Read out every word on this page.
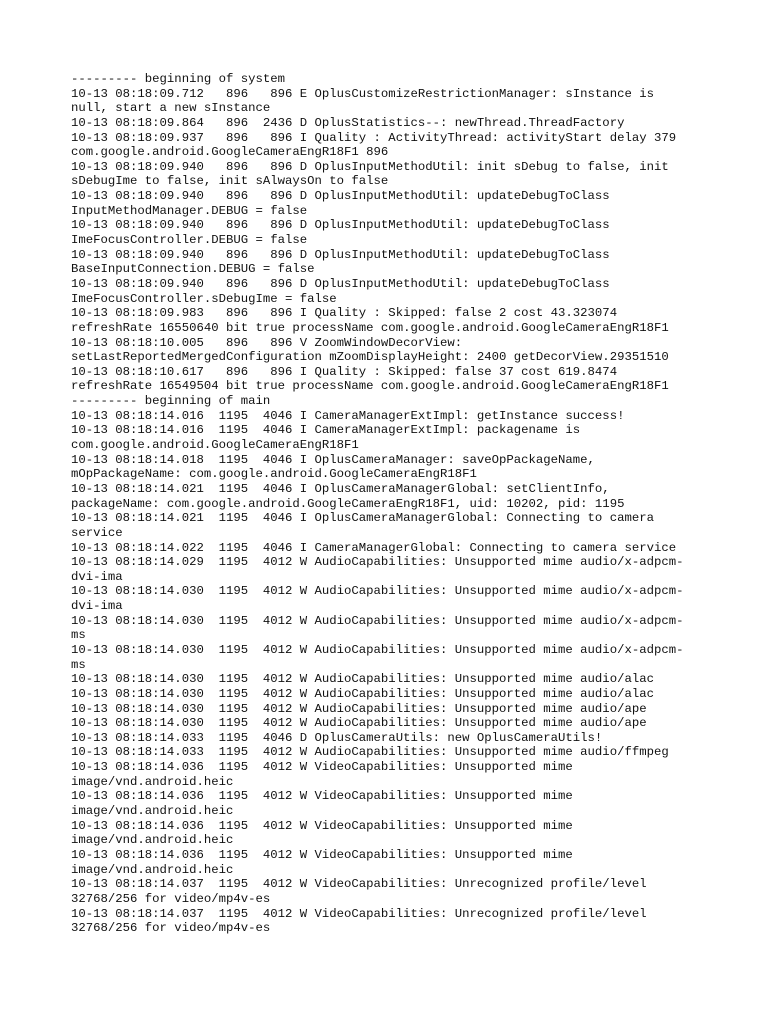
--------- beginning of system
10-13 08:18:09.712   896   896 E OplusCustomizeRestrictionManager: sInstance is
null, start a new sInstance
10-13 08:18:09.864   896  2436 D OplusStatistics--: newThread.ThreadFactory
10-13 08:18:09.937   896   896 I Quality : ActivityThread: activityStart delay 379
com.google.android.GoogleCameraEngR18F1 896
10-13 08:18:09.940   896   896 D OplusInputMethodUtil: init sDebug to false, init
sDebugIme to false, init sAlwaysOn to false
10-13 08:18:09.940   896   896 D OplusInputMethodUtil: updateDebugToClass
InputMethodManager.DEBUG = false
10-13 08:18:09.940   896   896 D OplusInputMethodUtil: updateDebugToClass
ImeFocusController.DEBUG = false
10-13 08:18:09.940   896   896 D OplusInputMethodUtil: updateDebugToClass
BaseInputConnection.DEBUG = false
10-13 08:18:09.940   896   896 D OplusInputMethodUtil: updateDebugToClass
ImeFocusController.sDebugIme = false
10-13 08:18:09.983   896   896 I Quality : Skipped: false 2 cost 43.323074
refreshRate 16550640 bit true processName com.google.android.GoogleCameraEngR18F1
10-13 08:18:10.005   896   896 V ZoomWindowDecorView:
setLastReportedMergedConfiguration mZoomDisplayHeight: 2400 getDecorView.29351510
10-13 08:18:10.617   896   896 I Quality : Skipped: false 37 cost 619.8474
refreshRate 16549504 bit true processName com.google.android.GoogleCameraEngR18F1
--------- beginning of main
10-13 08:18:14.016  1195  4046 I CameraManagerExtImpl: getInstance success!
10-13 08:18:14.016  1195  4046 I CameraManagerExtImpl: packagename is
com.google.android.GoogleCameraEngR18F1
10-13 08:18:14.018  1195  4046 I OplusCameraManager: saveOpPackageName,
mOpPackageName: com.google.android.GoogleCameraEngR18F1
10-13 08:18:14.021  1195  4046 I OplusCameraManagerGlobal: setClientInfo,
packageName: com.google.android.GoogleCameraEngR18F1, uid: 10202, pid: 1195
10-13 08:18:14.021  1195  4046 I OplusCameraManagerGlobal: Connecting to camera
service
10-13 08:18:14.022  1195  4046 I CameraManagerGlobal: Connecting to camera service
10-13 08:18:14.029  1195  4012 W AudioCapabilities: Unsupported mime audio/x-adpcm-
dvi-ima
10-13 08:18:14.030  1195  4012 W AudioCapabilities: Unsupported mime audio/x-adpcm-
dvi-ima
10-13 08:18:14.030  1195  4012 W AudioCapabilities: Unsupported mime audio/x-adpcm-
ms
10-13 08:18:14.030  1195  4012 W AudioCapabilities: Unsupported mime audio/x-adpcm-
ms
10-13 08:18:14.030  1195  4012 W AudioCapabilities: Unsupported mime audio/alac
10-13 08:18:14.030  1195  4012 W AudioCapabilities: Unsupported mime audio/alac
10-13 08:18:14.030  1195  4012 W AudioCapabilities: Unsupported mime audio/ape
10-13 08:18:14.030  1195  4012 W AudioCapabilities: Unsupported mime audio/ape
10-13 08:18:14.033  1195  4046 D OplusCameraUtils: new OplusCameraUtils!
10-13 08:18:14.033  1195  4012 W AudioCapabilities: Unsupported mime audio/ffmpeg
10-13 08:18:14.036  1195  4012 W VideoCapabilities: Unsupported mime
image/vnd.android.heic
10-13 08:18:14.036  1195  4012 W VideoCapabilities: Unsupported mime
image/vnd.android.heic
10-13 08:18:14.036  1195  4012 W VideoCapabilities: Unsupported mime
image/vnd.android.heic
10-13 08:18:14.036  1195  4012 W VideoCapabilities: Unsupported mime
image/vnd.android.heic
10-13 08:18:14.037  1195  4012 W VideoCapabilities: Unrecognized profile/level
32768/256 for video/mp4v-es
10-13 08:18:14.037  1195  4012 W VideoCapabilities: Unrecognized profile/level
32768/256 for video/mp4v-es
